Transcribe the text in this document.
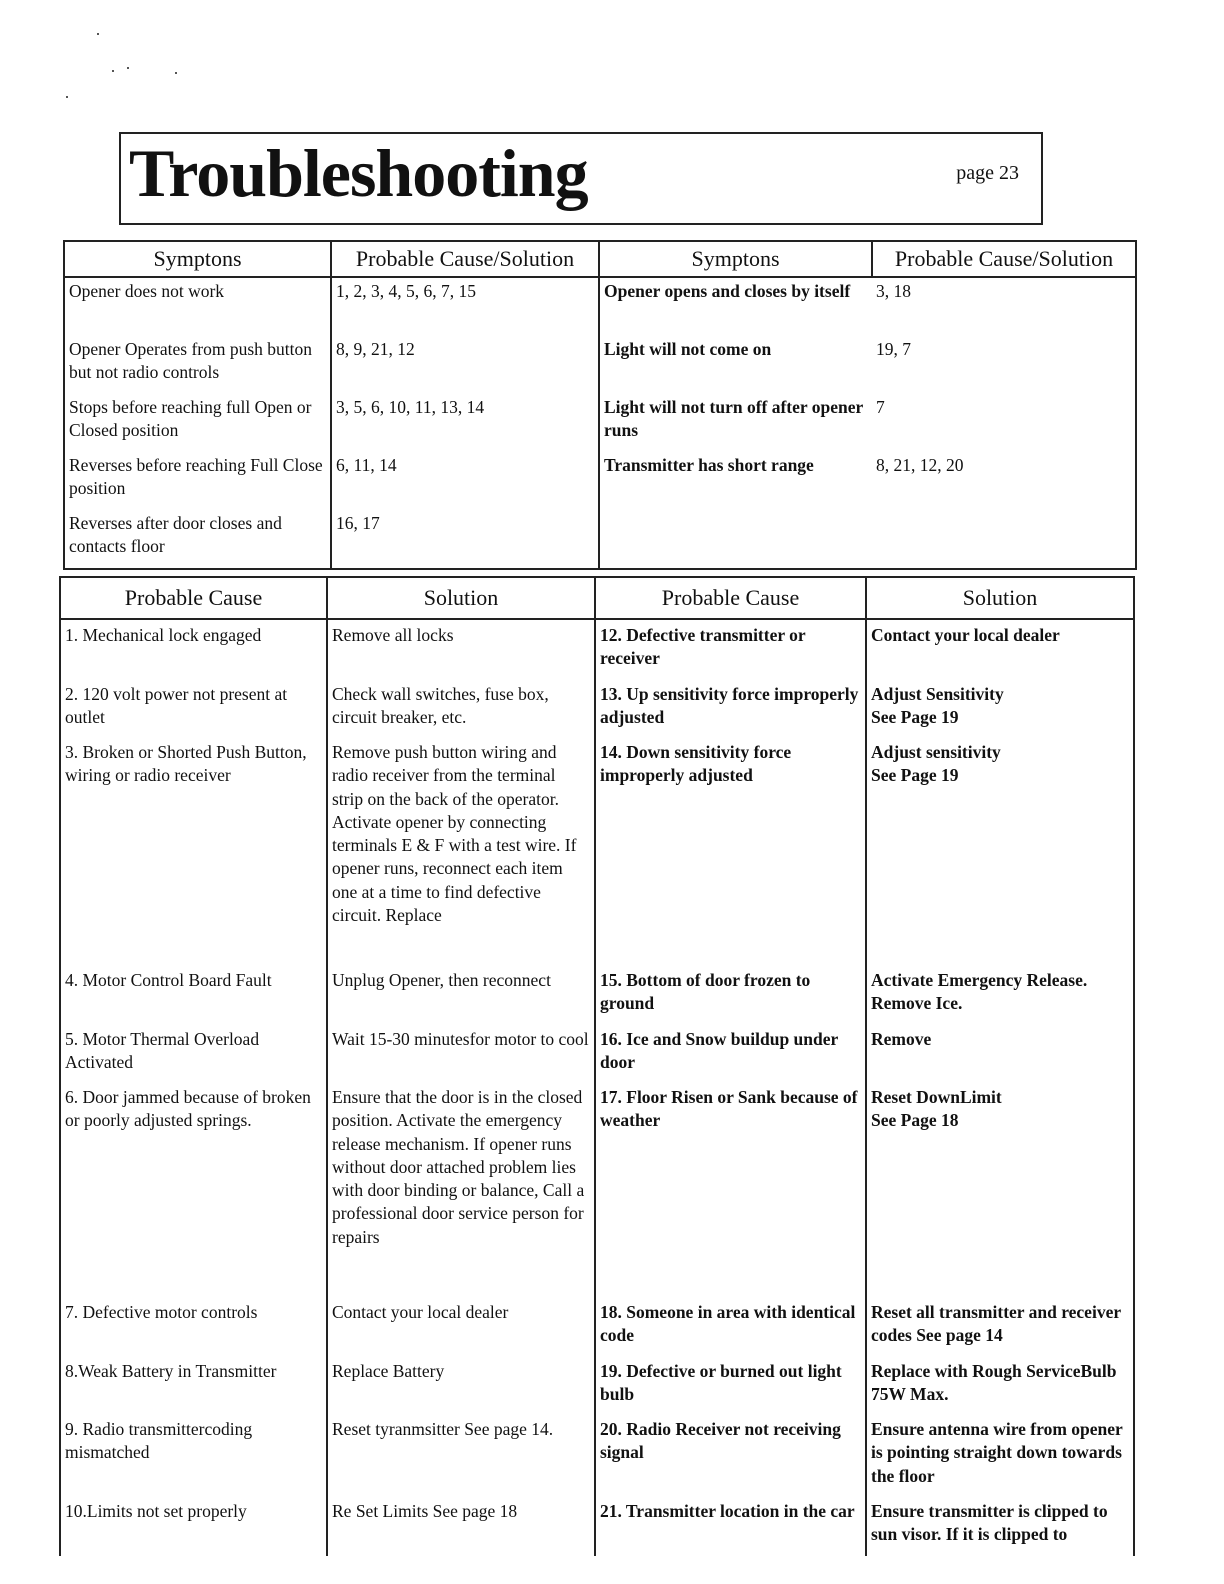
Troubleshooting	page 23
Symptons	Probable Cause/Solution	Symptons	Probable Cause/Solution
Opener does not work	1, 2, 3, 4, 5, 6, 7, 15	Opener opens and closes by itself	3, 18
Opener Operates from push button but not radio controls	8, 9, 21, 12	Light will not come on	19, 7
Stops before reaching full Open or Closed position	3, 5, 6, 10, 11, 13, 14	Light will not turn off after opener runs	7
Reverses before reaching Full Close position	6, 11, 14	Transmitter has short range	8, 21, 12, 20
Reverses after door closes and contacts floor	16, 17		
Probable Cause	Solution	Probable Cause	Solution
1. Mechanical lock engaged	Remove all locks	12. Defective transmitter or receiver	Contact your local dealer
2. 120 volt power not present at outlet	Check wall switches, fuse box, circuit breaker, etc.	13. Up sensitivity force improperly adjusted	Adjust Sensitivity
See Page 19
3. Broken or Shorted Push Button, wiring or radio receiver	Remove push button wiring and radio receiver from the terminal strip on the back of the operator. Activate opener by connecting terminals E & F with a test wire. If opener runs, reconnect each item one at a time to find defective circuit. Replace	14. Down sensitivity force improperly adjusted	Adjust sensitivity
See Page 19
4. Motor Control Board Fault	Unplug Opener, then reconnect	15. Bottom of door frozen to ground	Activate Emergency Release. Remove Ice.
5. Motor Thermal Overload Activated	Wait 15-30 minutesfor motor to cool	16. Ice and Snow buildup under door	Remove
6. Door jammed because of broken or poorly adjusted springs.	Ensure that the door is in the closed position. Activate the emergency release mechanism. If opener runs without door attached problem lies with door binding or balance, Call a professional door service person for repairs	17. Floor Risen or Sank because of weather	Reset DownLimit
See Page 18
7. Defective motor controls	Contact your local dealer	18. Someone in area with identical code	Reset all transmitter and receiver codes See page 14
8.Weak Battery in Transmitter	Replace Battery	19. Defective or burned out light bulb	Replace with Rough ServiceBulb 75W Max.
9. Radio transmittercoding mismatched	Reset tyranmsitter See page 14.	20. Radio Receiver not receiving signal	Ensure antenna wire from opener is pointing straight down towards the floor
10.Limits not set properly	Re Set Limits See page 18	21. Transmitter location in the car	Ensure transmitter is clipped to sun visor. If it is clipped to
